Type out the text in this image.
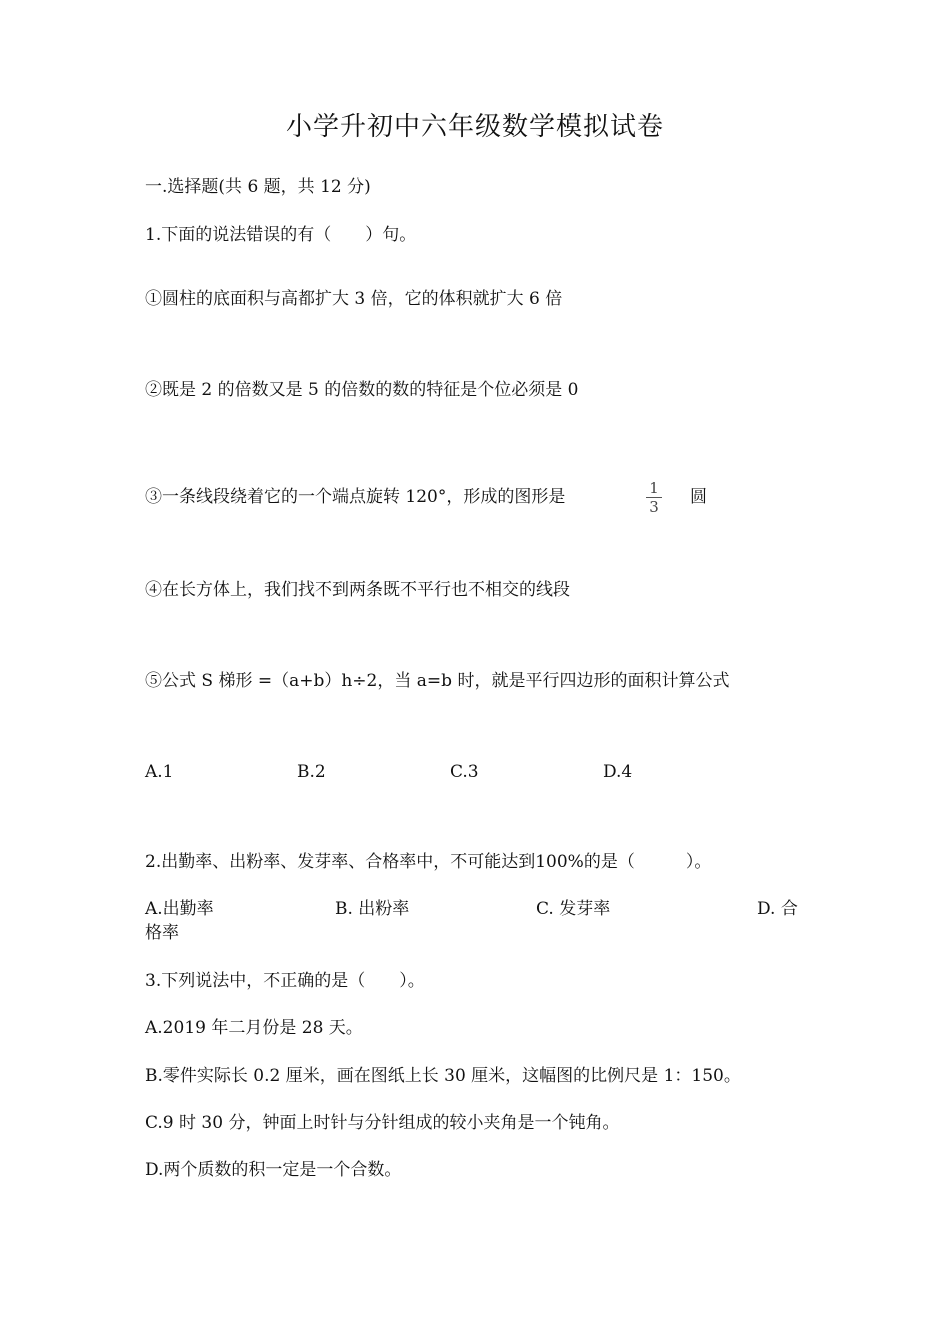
小学升初中六年级数学模拟试卷
一.选择题(共 6 题，共 12 分)
1.下面的说法错误的有（　　）句。
①圆柱的底面积与高都扩大 3 倍，它的体积就扩大 6 倍
②既是 2 的倍数又是 5 的倍数的数的特征是个位必须是 0
③一条线段绕着它的一个端点旋转 120°，形成的图形是	1
3 圆
④在长方体上，我们找不到两条既不平行也不相交的线段
⑤公式 S 梯形 =（a+b）h÷2，当 a=b 时，就是平行四边形的面积计算公式
A.1	B.2	C.3	D.4
2.出勤率、出粉率、发芽率、合格率中，不可能达到100%的是（　　　）。
A.出勤率	B. 出粉率	C. 发芽率	D. 合
格率
3.下列说法中，不正确的是（　　）。
A.2019 年二月份是 28 天。
B.零件实际长 0.2 厘米，画在图纸上长 30 厘米，这幅图的比例尺是 1：150。
C.9 时 30 分，钟面上时针与分针组成的较小夹角是一个钝角。
D.两个质数的积一定是一个合数。
